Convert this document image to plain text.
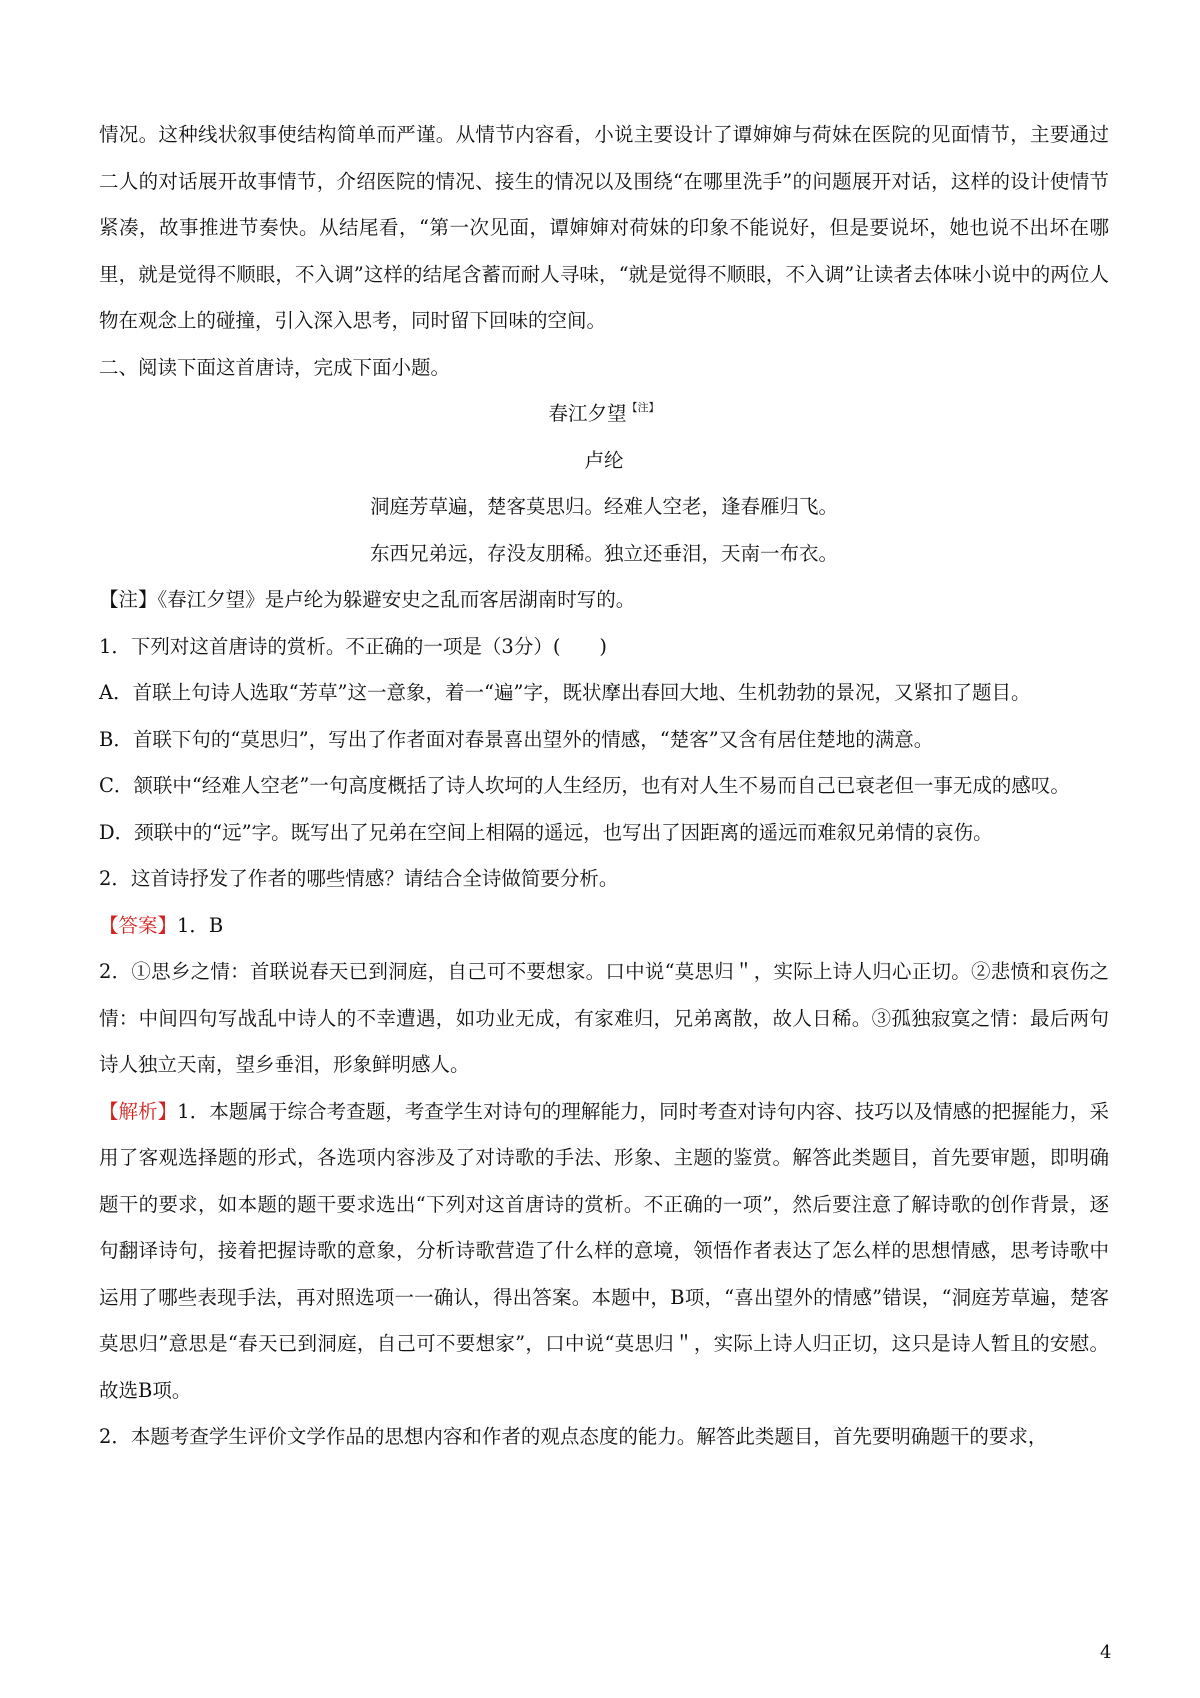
情况。这种线状叙事使结构简单而严谨。从情节内容看，小说主要设计了谭婶婶与荷妹在医院的见面情节，主要通过二人的对话展开故事情节，介绍医院的情况、接生的情况以及围绕“在哪里洗手”的问题展开对话，这样的设计使情节紧凑，故事推进节奏快。从结尾看，“第一次见面，谭婶婶对荷妹的印象不能说好，但是要说坏，她也说不出坏在哪里，就是觉得不顺眼，不入调”这样的结尾含蓄而耐人寻味，“就是觉得不顺眼，不入调”让读者去体味小说中的两位人物在观念上的碰撞，引入深入思考，同时留下回味的空间。

二、阅读下面这首唐诗，完成下面小题。

春江夕望$^{【注】}$

卢纶

洞庭芳草遍，楚客莫思归。经难人空老，逢春雁归飞。

东西兄弟远，存没友朋稀。独立还垂泪，天南一布衣。

【注】《春江夕望》是卢纶为躲避安史之乱而客居湖南时写的。

1．下列对这首唐诗的赏析。不正确的一项是（3分）(　　)

A．首联上句诗人选取“芳草”这一意象，着一“遍”字，既状摩出春回大地、生机勃勃的景况，又紧扣了题目。

B．首联下句的“莫思归”，写出了作者面对春景喜出望外的情感，“楚客”又含有居住楚地的满意。

C．颔联中“经难人空老”一句高度概括了诗人坎坷的人生经历，也有对人生不易而自己已衰老但一事无成的感叹。

D．颈联中的“远”字。既写出了兄弟在空间上相隔的遥远，也写出了因距离的遥远而难叙兄弟情的哀伤。

2．这首诗抒发了作者的哪些情感？请结合全诗做简要分析。

【答案】1．B

2．①思乡之情：首联说春天已到洞庭，自己可不要想家。口中说“莫思归＂，实际上诗人归心正切。②悲愤和哀伤之情：中间四句写战乱中诗人的不幸遭遇，如功业无成，有家难归，兄弟离散，故人日稀。③孤独寂寞之情：最后两句诗人独立天南，望乡垂泪，形象鲜明感人。

【解析】1．本题属于综合考查题，考查学生对诗句的理解能力，同时考查对诗句内容、技巧以及情感的把握能力，采用了客观选择题的形式，各选项内容涉及了对诗歌的手法、形象、主题的鉴赏。解答此类题目，首先要审题，即明确题干的要求，如本题的题干要求选出“下列对这首唐诗的赏析。不正确的一项”，然后要注意了解诗歌的创作背景，逐句翻译诗句，接着把握诗歌的意象，分析诗歌营造了什么样的意境，领悟作者表达了怎么样的思想情感，思考诗歌中运用了哪些表现手法，再对照选项一一确认，得出答案。本题中，B项，“喜出望外的情感”错误，“洞庭芳草遍，楚客莫思归”意思是“春天已到洞庭，自己可不要想家”，口中说“莫思归＂，实际上诗人归正切，这只是诗人暂且的安慰。故选B项。

2．本题考查学生评价文学作品的思想内容和作者的观点态度的能力。解答此类题目，首先要明确题干的要求，

4
